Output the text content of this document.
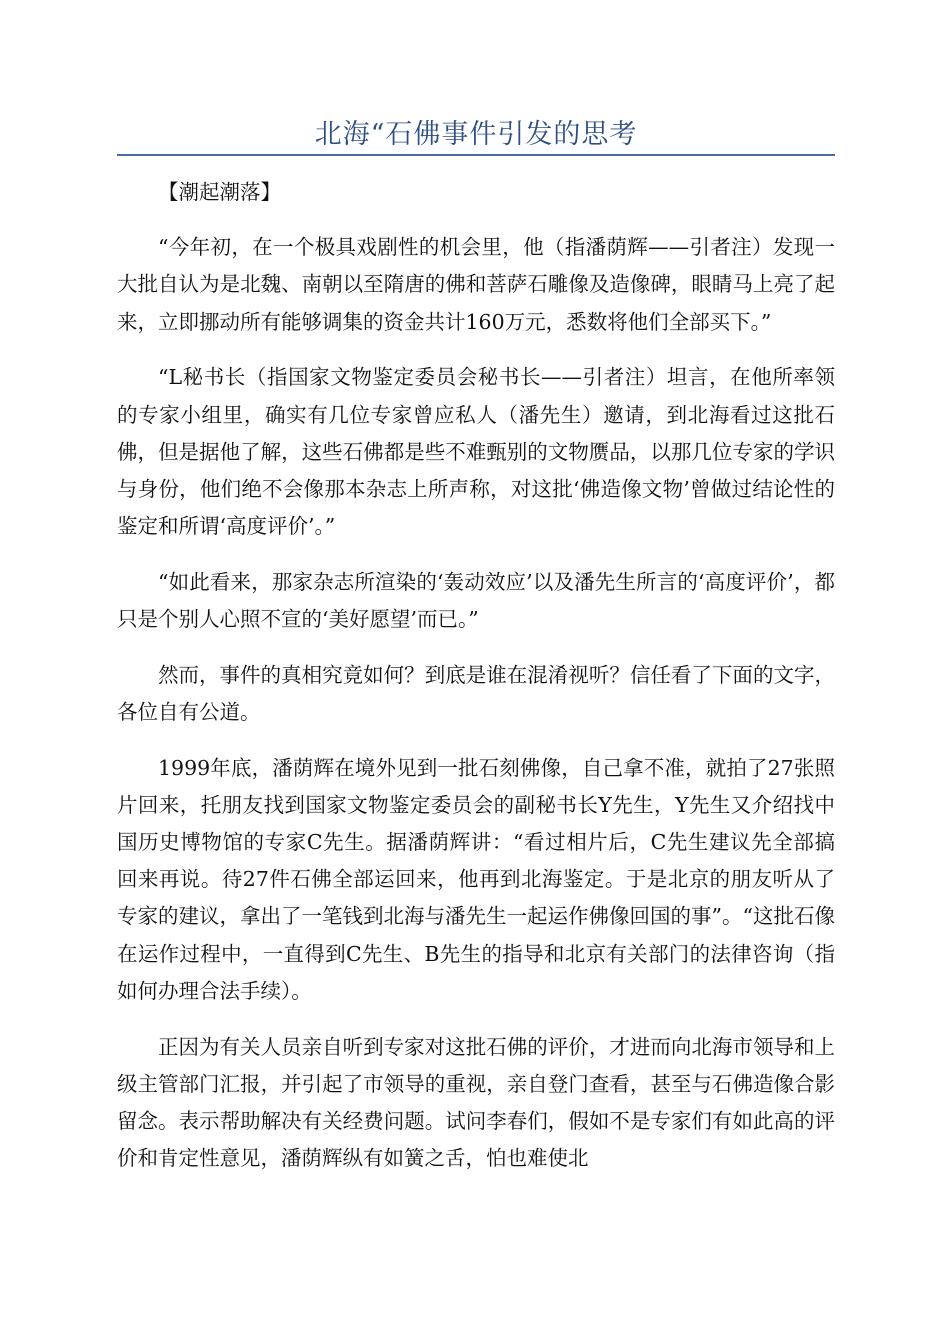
北海“石佛事件引发的思考

【潮起潮落】

“今年初，在一个极具戏剧性的机会里，他（指潘荫辉——引者注）发现一大批自认为是北魏、南朝以至隋唐的佛和菩萨石雕像及造像碑，眼睛马上亮了起来，立即挪动所有能够调集的资金共计160万元，悉数将他们全部买下。”

“L秘书长（指国家文物鉴定委员会秘书长——引者注）坦言，在他所率领的专家小组里，确实有几位专家曾应私人（潘先生）邀请，到北海看过这批石佛，但是据他了解，这些石佛都是些不难甄别的文物赝品，以那几位专家的学识与身份，他们绝不会像那本杂志上所声称，对这批‘佛造像文物’曾做过结论性的鉴定和所谓‘高度评价’。”

“如此看来，那家杂志所渲染的‘轰动效应’以及潘先生所言的‘高度评价’，都只是个别人心照不宣的‘美好愿望’而已。”

然而，事件的真相究竟如何？到底是谁在混淆视听？信任看了下面的文字，各位自有公道。

1999年底，潘荫辉在境外见到一批石刻佛像，自己拿不准，就拍了27张照片回来，托朋友找到国家文物鉴定委员会的副秘书长Y先生，Y先生又介绍找中国历史博物馆的专家C先生。据潘荫辉讲：“看过相片后，C先生建议先全部搞回来再说。待27件石佛全部运回来，他再到北海鉴定。于是北京的朋友听从了专家的建议，拿出了一笔钱到北海与潘先生一起运作佛像回国的事”。“这批石像在运作过程中，一直得到C先生、B先生的指导和北京有关部门的法律咨询（指如何办理合法手续）。

正因为有关人员亲自听到专家对这批石佛的评价，才进而向北海市领导和上级主管部门汇报，并引起了市领导的重视，亲自登门查看，甚至与石佛造像合影留念。表示帮助解决有关经费问题。试问李春们，假如不是专家们有如此高的评价和肯定性意见，潘荫辉纵有如簧之舌，怕也难使北
